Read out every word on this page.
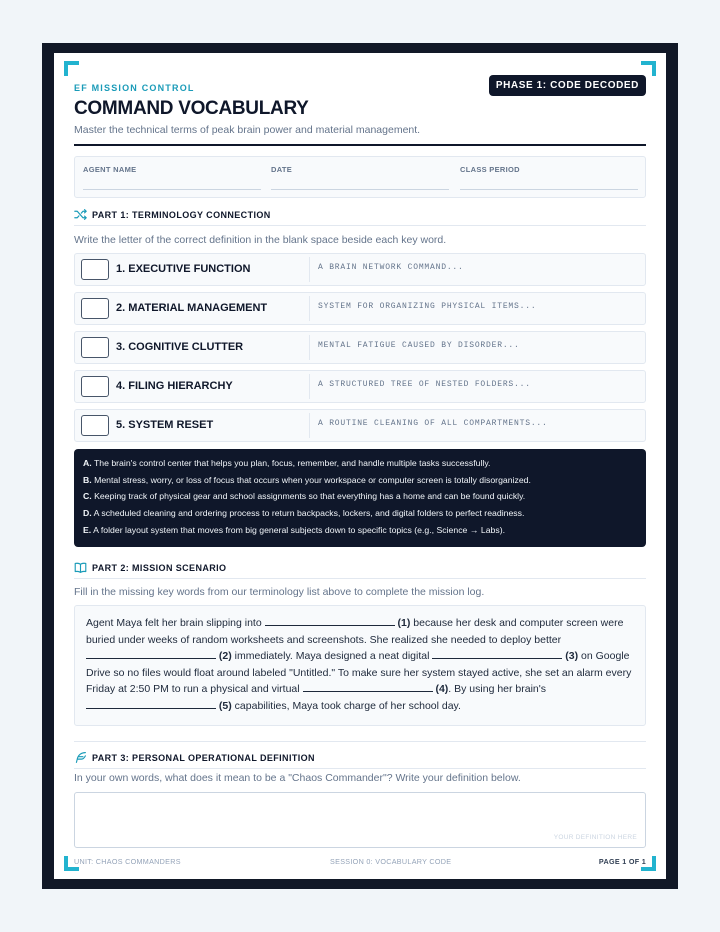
EF MISSION CONTROL	PHASE 1: CODE DECODED
COMMAND VOCABULARY
Master the technical terms of peak brain power and material management.
AGENT NAME	DATE	CLASS PERIOD
PART 1: TERMINOLOGY CONNECTION
Write the letter of the correct definition in the blank space beside each key word.
1. EXECUTIVE FUNCTION	A BRAIN NETWORK COMMAND...
2. MATERIAL MANAGEMENT	SYSTEM FOR ORGANIZING PHYSICAL ITEMS...
3. COGNITIVE CLUTTER	MENTAL FATIGUE CAUSED BY DISORDER...
4. FILING HIERARCHY	A STRUCTURED TREE OF NESTED FOLDERS...
5. SYSTEM RESET	A ROUTINE CLEANING OF ALL COMPARTMENTS...
A. The brain's control center that helps you plan, focus, remember, and handle multiple tasks successfully.
B. Mental stress, worry, or loss of focus that occurs when your workspace or computer screen is totally disorganized.
C. Keeping track of physical gear and school assignments so that everything has a home and can be found quickly.
D. A scheduled cleaning and ordering process to return backpacks, lockers, and digital folders to perfect readiness.
E. A folder layout system that moves from big general subjects down to specific topics (e.g., Science → Labs).
PART 2: MISSION SCENARIO
Fill in the missing key words from our terminology list above to complete the mission log.
Agent Maya felt her brain slipping into	(1) because her desk and computer screen were buried under weeks of random worksheets and screenshots. She realized she needed to deploy better  (2) immediately. Maya designed a neat digital	(3) on Google Drive so no files would float around labeled "Untitled." To make sure her system stayed active, she set an alarm every Friday at 2:50 PM to run a physical and virtual	(4). By using her brain's  (5) capabilities, Maya took charge of her school day.
PART 3: PERSONAL OPERATIONAL DEFINITION
In your own words, what does it mean to be a "Chaos Commander"? Write your definition below.
YOUR DEFINITION HERE
UNIT: CHAOS COMMANDERS	SESSION 0: VOCABULARY CODE	PAGE 1 OF 1
